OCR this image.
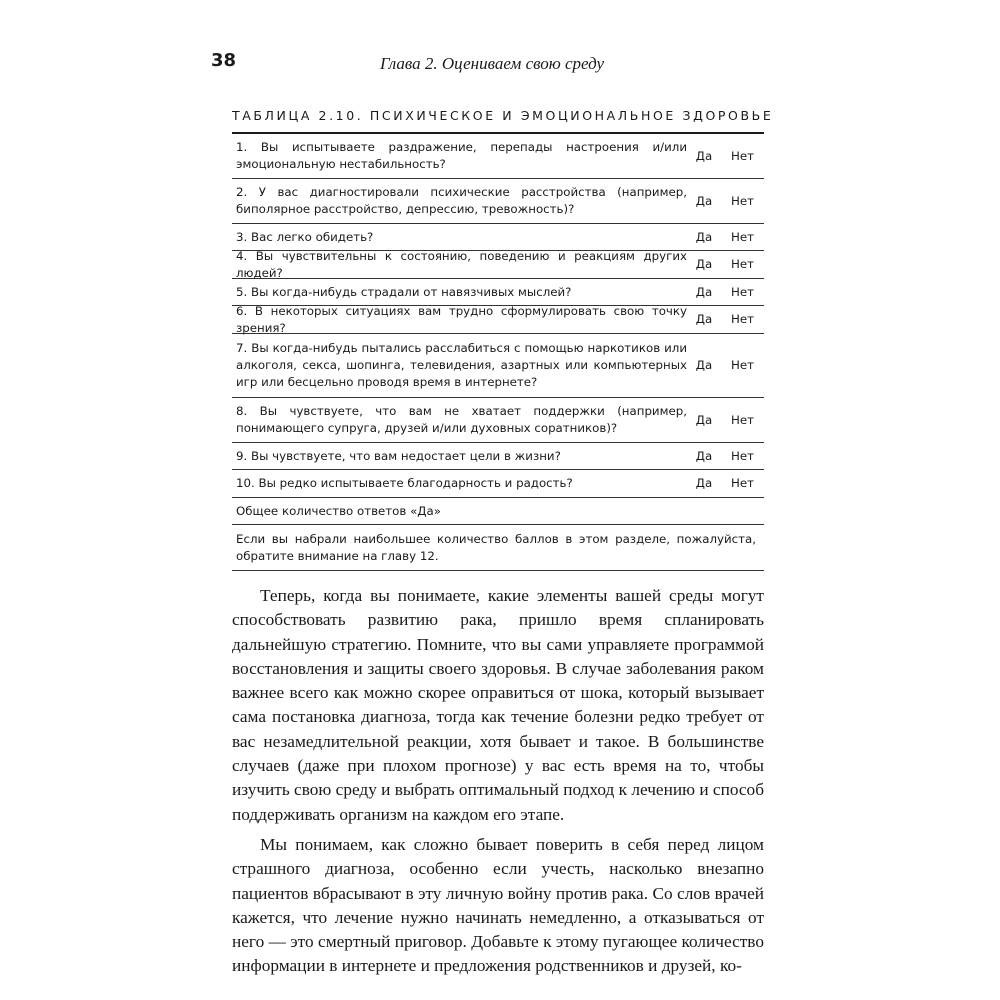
38	Глава 2. Оцениваем свою среду
ТАБЛИЦА 2.10. ПСИХИЧЕСКОЕ И ЭМОЦИОНАЛЬНОЕ ЗДОРОВЬЕ
1. Вы испытываете раздражение, перепады настроения и/или эмоциональную нестабильность?
Да	Нет
2. У вас диагностировали психические расстройства (например, биполярное расстройство, депрессию, тревожность)?
Да	Нет
3. Вас легко обидеть?	Да	Нет
4. Вы чувствительны к состоянию, поведению и реакциям других людей?
Да	Нет
5. Вы когда-нибудь страдали от навязчивых мыслей?	Да	Нет
6. В некоторых ситуациях вам трудно сформулировать свою точку зрения?
Да	Нет
7. Вы когда-нибудь пытались расслабиться с помощью наркотиков или алкоголя, секса, шопинга, телевидения, азартных или компьютерных игр или бесцельно проводя время в интернете?
Да	Нет
8. Вы чувствуете, что вам не хватает поддержки (например, понимающего супруга, друзей и/или духовных соратников)?
Да	Нет
9. Вы чувствуете, что вам недостает цели в жизни?	Да	Нет
10. Вы редко испытываете благодарность и радость?	Да	Нет
Общее количество ответов «Да»
Если вы набрали наибольшее количество баллов в этом разделе, пожалуйста, обратите внимание на главу 12.

Теперь, когда вы понимаете, какие элементы вашей среды могут способствовать развитию рака, пришло время спланировать дальнейшую стратегию. Помните, что вы сами управляете программой восстановления и защиты своего здоровья. В случае заболевания раком важнее всего как можно скорее оправиться от шока, который вызывает сама постановка диагноза, тогда как течение болезни редко требует от вас незамедлительной реакции, хотя бывает и такое. В большинстве случаев (даже при плохом прогнозе) у вас есть время на то, чтобы изучить свою среду и выбрать оптимальный подход к лечению и способ поддерживать организм на каждом его этапе.

Мы понимаем, как сложно бывает поверить в себя перед лицом страшного диагноза, особенно если учесть, насколько внезапно пациентов вбрасывают в эту личную войну против рака. Со слов врачей кажется, что лечение нужно начинать немедленно, а отказываться от него — это смертный приговор. Добавьте к этому пугающее количество информации в интернете и предложения родственников и друзей, ко-
